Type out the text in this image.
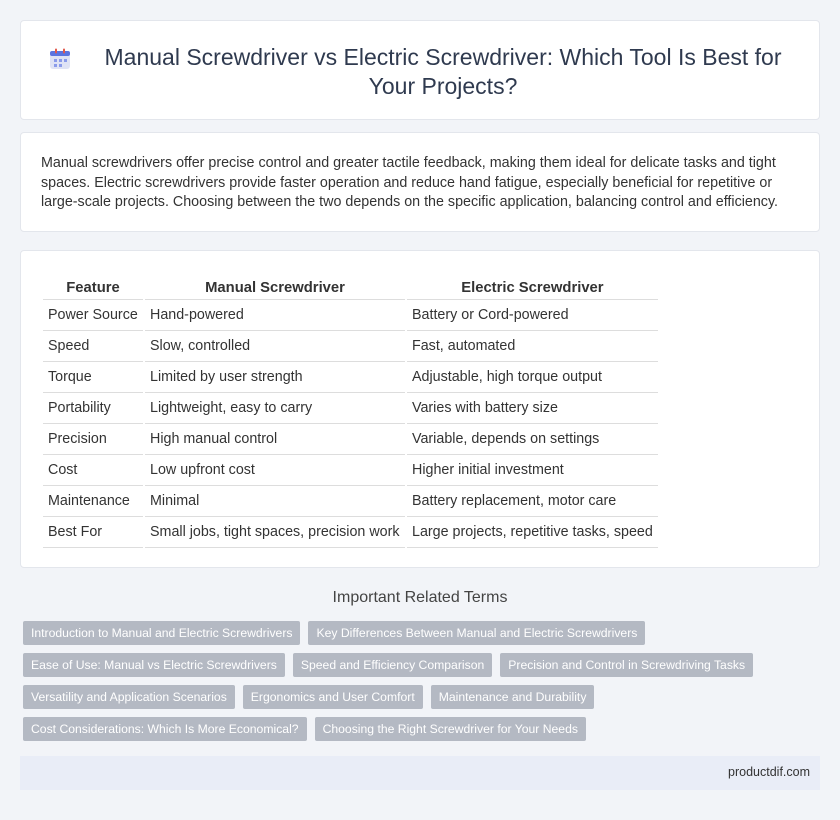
Manual Screwdriver vs Electric Screwdriver: Which Tool Is Best for Your Projects?

Manual screwdrivers offer precise control and greater tactile feedback, making them ideal for delicate tasks and tight spaces. Electric screwdrivers provide faster operation and reduce hand fatigue, especially beneficial for repetitive or large-scale projects. Choosing between the two depends on the specific application, balancing control and efficiency.

Feature	Manual Screwdriver	Electric Screwdriver
Power Source	Hand-powered	Battery or Cord-powered
Speed	Slow, controlled	Fast, automated
Torque	Limited by user strength	Adjustable, high torque output
Portability	Lightweight, easy to carry	Varies with battery size
Precision	High manual control	Variable, depends on settings
Cost	Low upfront cost	Higher initial investment
Maintenance	Minimal	Battery replacement, motor care
Best For	Small jobs, tight spaces, precision work	Large projects, repetitive tasks, speed
Important Related Terms
Introduction to Manual and Electric Screwdrivers	Key Differences Between Manual and Electric Screwdrivers
Ease of Use: Manual vs Electric Screwdrivers	Speed and Efficiency Comparison	Precision and Control in Screwdriving Tasks
Versatility and Application Scenarios	Ergonomics and User Comfort	Maintenance and Durability
Cost Considerations: Which Is More Economical?	Choosing the Right Screwdriver for Your Needs
productdif.com
